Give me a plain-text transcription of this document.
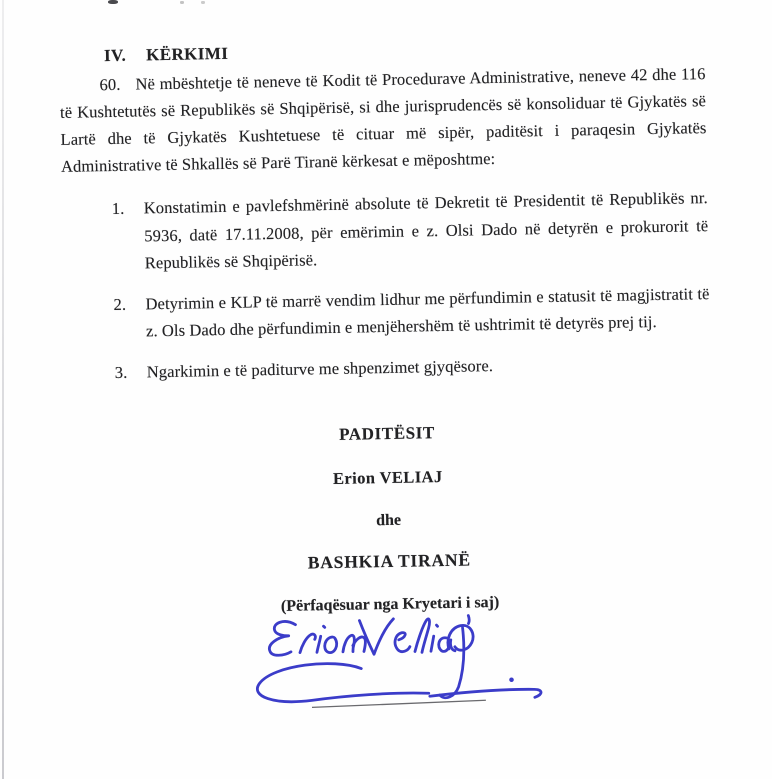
IV. KËRKIMI

60. Në mbështetje të neneve të Kodit të Procedurave Administrative, neneve 42 dhe 116 të Kushtetutës së Republikës së Shqipërisë, si dhe jurisprudencës së konsoliduar të Gjykatës së Lartë dhe të Gjykatës Kushtetuese të cituar më sipër, paditësit i paraqesin Gjykatës Administrative të Shkallës së Parë Tiranë kërkesat e mëposhtme:

1. Konstatimin e pavlefshmërinë absolute të Dekretit të Presidentit të Republikës nr. 5936, datë 17.11.2008, për emërimin e z. Olsi Dado në detyrën e prokurorit të Republikës së Shqipërisë.
2. Detyrimin e KLP të marrë vendim lidhur me përfundimin e statusit të magjistratit të z. Ols Dado dhe përfundimin e menjëhershëm të ushtrimit të detyrës prej tij.
3. Ngarkimin e të paditurve me shpenzimet gjyqësore.
PADITËSIT
Erion VELIAJ
dhe
BASHKIA TIRANË
(Përfaqësuar nga Kryetari i saj)
